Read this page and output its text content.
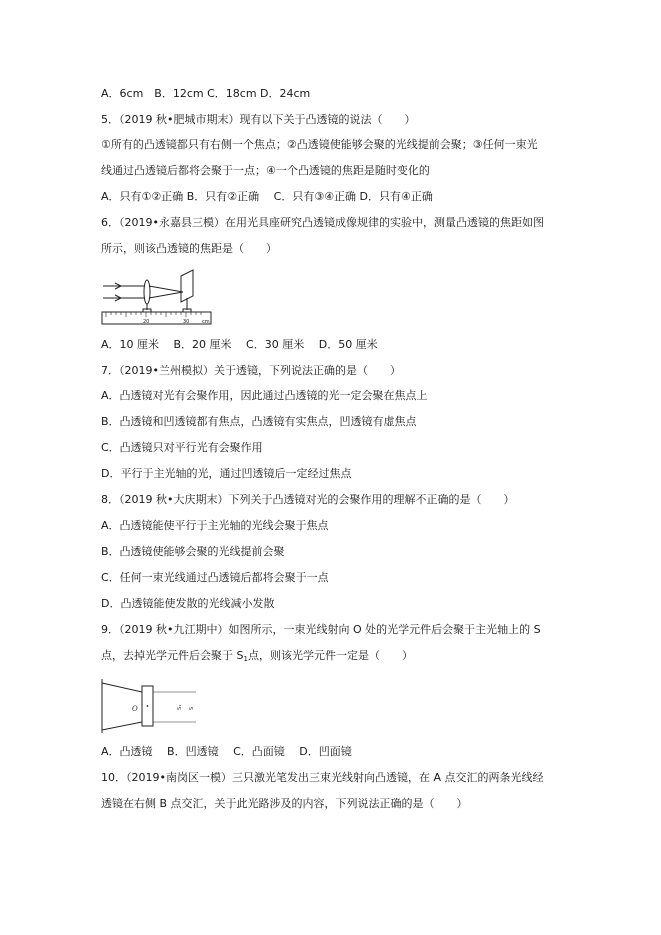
A．6cm　B．12cm C．18cm D．24cm
5．（2019 秋•肥城市期末）现有以下关于凸透镜的说法（　　）
①所有的凸透镜都只有右侧一个焦点；②凸透镜使能够会聚的光线提前会聚；③任何一束光
线通过凸透镜后都将会聚于一点；④一个凸透镜的焦距是随时变化的
A．只有①②正确 B．只有②正确　 C．只有③④正确 D．只有④正确
6．（2019•永嘉县三模）在用光具座研究凸透镜成像规律的实验中，测量凸透镜的焦距如图
所示，则该凸透镜的焦距是（　　）
20	30	cm
A．10 厘米　 B．20 厘米　 C．30 厘米　 D．50 厘米
7．（2019•兰州模拟）关于透镜，下列说法正确的是（　　）
A．凸透镜对光有会聚作用，因此通过凸透镜的光一定会聚在焦点上
B．凸透镜和凹透镜都有焦点，凸透镜有实焦点，凹透镜有虚焦点
C．凸透镜只对平行光有会聚作用
D．平行于主光轴的光，通过凹透镜后一定经过焦点
8．（2019 秋•大庆期末）下列关于凸透镜对光的会聚作用的理解不正确的是（　　）
A．凸透镜能使平行于主光轴的光线会聚于焦点
B．凸透镜使能够会聚的光线提前会聚
C．任何一束光线通过凸透镜后都将会聚于一点
D．凸透镜能使发散的光线减小发散
9．（2019 秋•九江期中）如图所示，一束光线射向 O 处的光学元件后会聚于主光轴上的 S
点，去掉光学元件后会聚于 $S_1$点，则该光学元件一定是（　　）
O	S₁ S
A．凸透镜　 B．凹透镜　 C．凸面镜　 D．凹面镜
10．（2019•南岗区一模）三只激光笔发出三束光线射向凸透镜，在 A 点交汇的两条光线经
透镜在右侧 B 点交汇，关于此光路涉及的内容，下列说法正确的是（　　）
